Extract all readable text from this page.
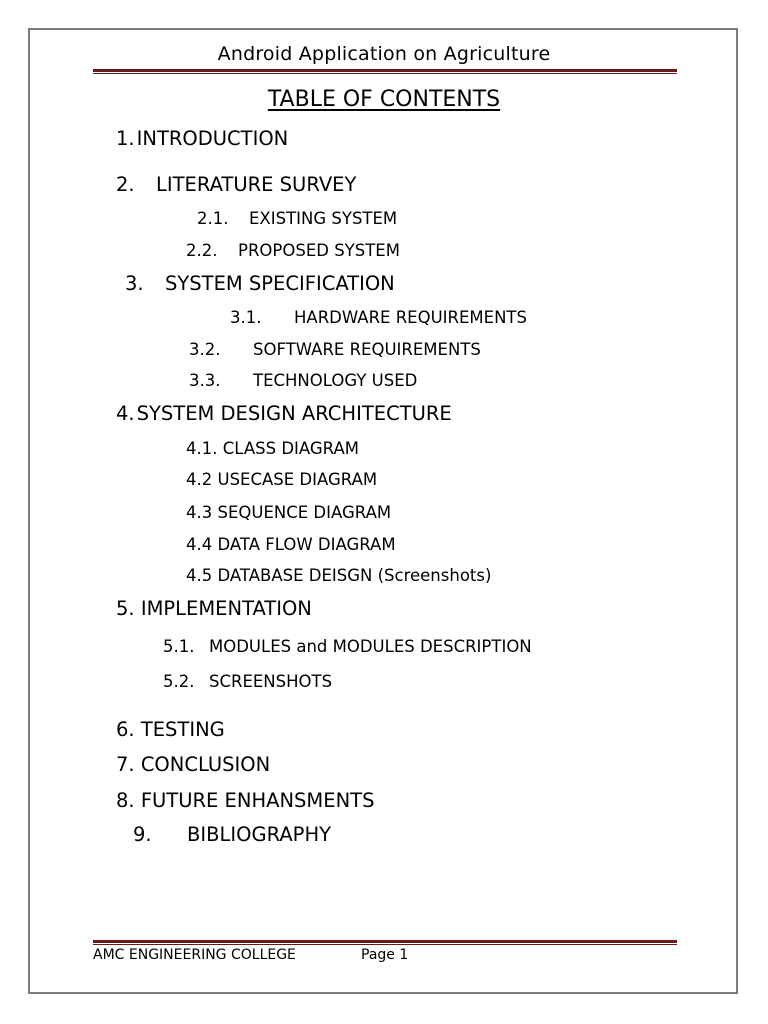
Android Application on Agriculture
TABLE OF CONTENTS
1. INTRODUCTION
2. LITERATURE SURVEY
2.1. EXISTING SYSTEM
2.2. PROPOSED SYSTEM
3. SYSTEM SPECIFICATION
3.1. HARDWARE REQUIREMENTS
3.2. SOFTWARE REQUIREMENTS
3.3. TECHNOLOGY USED
4. SYSTEM DESIGN ARCHITECTURE
4.1. CLASS DIAGRAM
4.2 USECASE DIAGRAM
4.3 SEQUENCE DIAGRAM
4.4 DATA FLOW DIAGRAM
4.5 DATABASE DEISGN (Screenshots)
5. IMPLEMENTATION
5.1. MODULES and MODULES DESCRIPTION
5.2. SCREENSHOTS
6. TESTING
7. CONCLUSION
8. FUTURE ENHANSMENTS
9. BIBLIOGRAPHY
AMC ENGINEERING COLLEGE	Page 1
